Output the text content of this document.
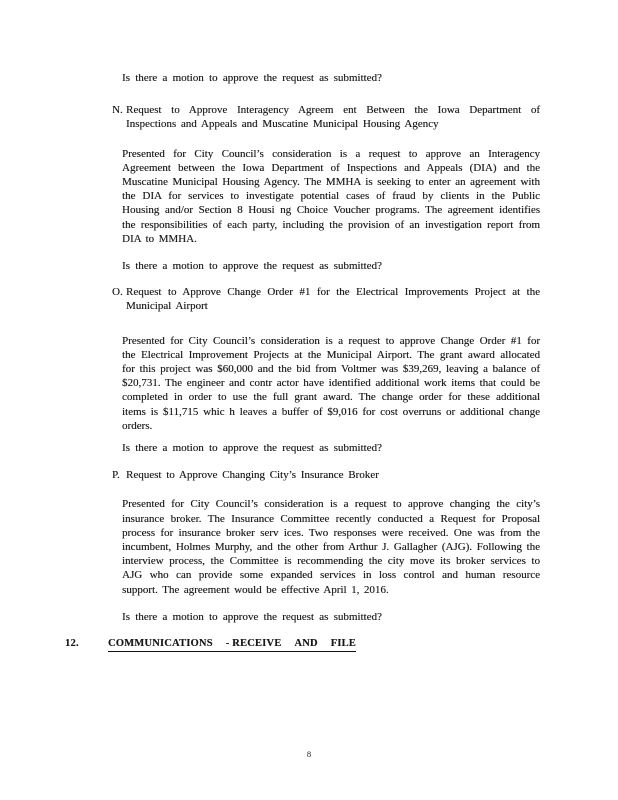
Is there a motion to approve the request as submitted?
N. Request to Approve Interagency Agreem ent Between the Iowa Department of Inspections and Appeals and Muscatine Municipal Housing Agency
Presented for City Council’s consideration is a request to approve an Interagency Agreement between the Iowa Department of Inspections and Appeals (DIA) and the Muscatine Municipal Housing Agency. The MMHA is seeking to enter an agreement with the DIA for services to investigate potential cases of fraud by clients in the Public Housing and/or Section 8 Housi ng Choice Voucher programs. The agreement identifies the responsibilities of each party, including the provision of an investigation report from DIA to MMHA.
Is there a motion to approve the request as submitted?
O. Request to Approve Change Order #1 for the Electrical Improvements Project at the Municipal Airport
Presented for City Council’s consideration is a request to approve Change Order #1 for the Electrical Improvement Projects at the Municipal Airport. The grant award allocated for this project was $60,000 and the bid from Voltmer was $39,269, leaving a balance of $20,731. The engineer and contr actor have identified additional work items that could be completed in order to use the full grant award. The change order for these additional items is $11,715 whic h leaves a buffer of $9,016 for cost overruns or additional change orders.
Is there a motion to approve the request as submitted?
P. Request to Approve Changing City’s Insurance Broker
Presented for City Council’s consideration is a request to approve changing the city’s insurance broker. The Insurance Committee recently conducted a Request for Proposal process for insurance broker serv ices. Two responses were received. One was from the incumbent, Holmes Murphy, and the other from Arthur J. Gallagher (AJG). Following the interview process, the Committee is recommending the city move its broker services to AJG who can provide some expanded services in loss control and human resource support. The agreement would be effective April 1, 2016.
Is there a motion to approve the request as submitted?
12.	COMMUNICATIONS - RECEIVE AND FILE
8
